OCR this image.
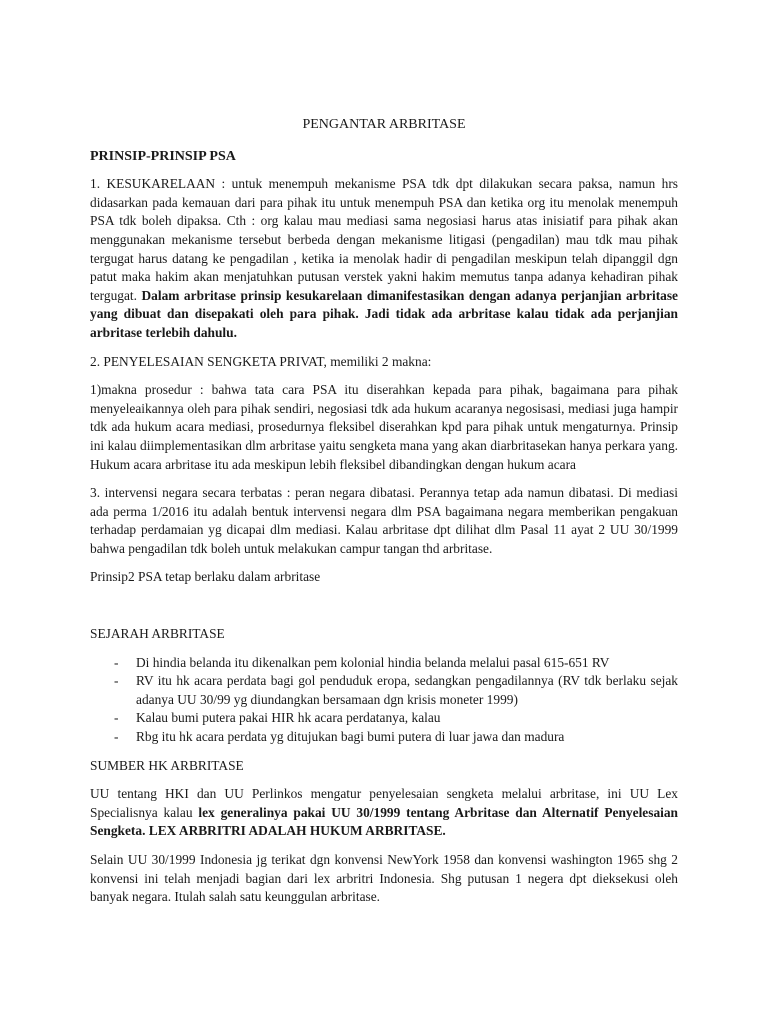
PENGANTAR ARBRITASE
PRINSIP-PRINSIP PSA

1. KESUKARELAAN : untuk menempuh mekanisme PSA tdk dpt dilakukan secara paksa, namun hrs didasarkan pada kemauan dari para pihak itu untuk menempuh PSA dan ketika org itu menolak menempuh PSA tdk boleh dipaksa. Cth : org kalau mau mediasi sama negosiasi harus atas inisiatif para pihak akan menggunakan mekanisme tersebut berbeda dengan mekanisme litigasi (pengadilan) mau tdk mau pihak tergugat harus datang ke pengadilan , ketika ia menolak hadir di pengadilan meskipun telah dipanggil dgn patut maka hakim akan menjatuhkan putusan verstek yakni hakim memutus tanpa adanya kehadiran pihak tergugat. Dalam arbritase prinsip kesukarelaan dimanifestasikan dengan adanya perjanjian arbritase yang dibuat dan disepakati oleh para pihak. Jadi tidak ada arbritase kalau tidak ada perjanjian arbritase terlebih dahulu.

2. PENYELESAIAN SENGKETA PRIVAT, memiliki 2 makna:

1)makna prosedur : bahwa tata cara PSA itu diserahkan kepada para pihak, bagaimana para pihak menyeleaikannya oleh para pihak sendiri, negosiasi tdk ada hukum acaranya negosisasi, mediasi juga hampir tdk ada hukum acara mediasi, prosedurnya fleksibel diserahkan kpd para pihak untuk mengaturnya. Prinsip ini kalau diimplementasikan dlm arbritase yaitu sengketa mana yang akan diarbritasekan hanya perkara yang. Hukum acara arbritase itu ada meskipun lebih fleksibel dibandingkan dengan hukum acara

3. intervensi negara secara terbatas : peran negara dibatasi. Perannya tetap ada namun dibatasi. Di mediasi ada perma 1/2016 itu adalah bentuk intervensi negara dlm PSA bagaimana negara memberikan pengakuan terhadap perdamaian yg dicapai dlm mediasi. Kalau arbritase dpt dilihat dlm Pasal 11 ayat 2 UU 30/1999 bahwa pengadilan tdk boleh untuk melakukan campur tangan thd arbritase.

Prinsip2 PSA tetap berlaku dalam arbritase

SEJARAH ARBRITASE
- Di hindia belanda itu dikenalkan pem kolonial hindia belanda melalui pasal 615-651 RV
- RV itu hk acara perdata bagi gol penduduk eropa, sedangkan pengadilannya (RV tdk berlaku sejak adanya UU 30/99 yg diundangkan bersamaan dgn krisis moneter 1999)
- Kalau bumi putera pakai HIR hk acara perdatanya, kalau
- Rbg itu hk acara perdata yg ditujukan bagi bumi putera di luar jawa dan madura
SUMBER HK ARBRITASE

UU tentang HKI dan UU Perlinkos mengatur penyelesaian sengketa melalui arbritase, ini UU Lex Specialisnya kalau lex generalinya pakai UU 30/1999 tentang Arbritase dan Alternatif Penyelesaian Sengketa. LEX ARBRITRI ADALAH HUKUM ARBRITASE.

Selain UU 30/1999 Indonesia jg terikat dgn konvensi NewYork 1958 dan konvensi washington 1965 shg 2 konvensi ini telah menjadi bagian dari lex arbritri Indonesia. Shg putusan 1 negera dpt dieksekusi oleh banyak negara. Itulah salah satu keunggulan arbritase.
